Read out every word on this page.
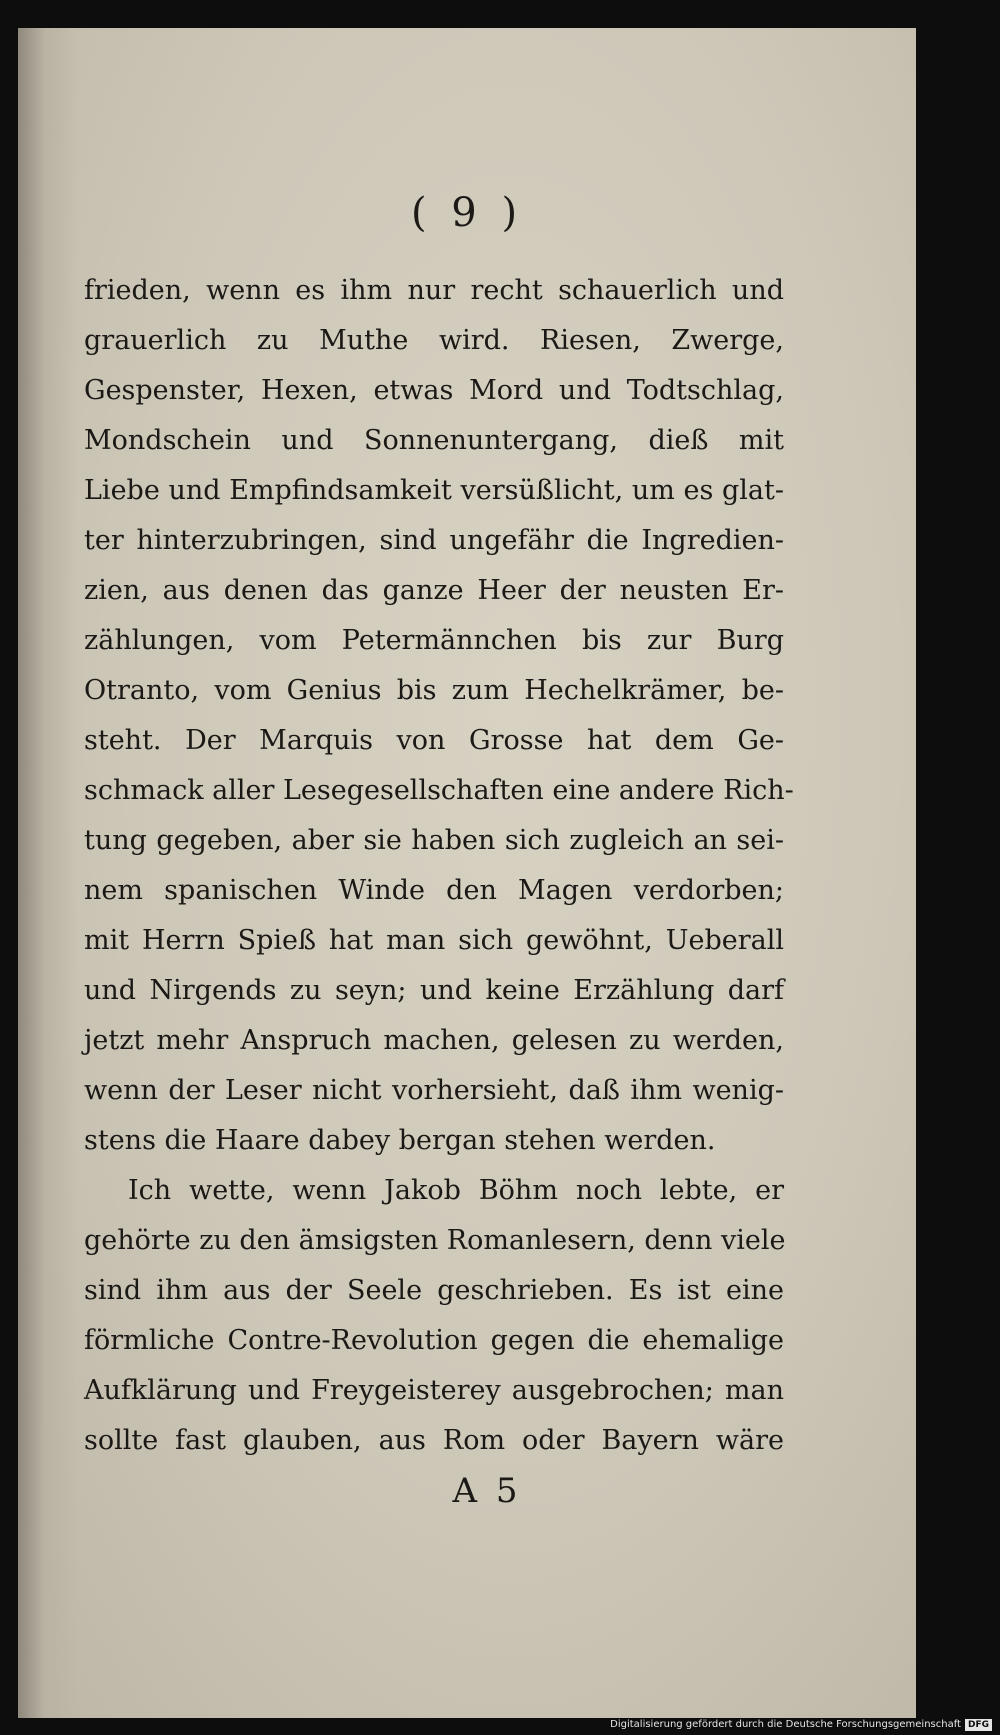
( 9 )
frieden, wenn es ihm nur recht schauerlich und
grauerlich zu Muthe wird. Riesen, Zwerge,
Gespenster, Hexen, etwas Mord und Todtschlag,
Mondschein und Sonnenuntergang, dieß mit
Liebe und Empfindsamkeit versüßlicht, um es glat-
ter hinterzubringen, sind ungefähr die Ingredien-
zien, aus denen das ganze Heer der neusten Er-
zählungen, vom Petermännchen bis zur Burg
Otranto, vom Genius bis zum Hechelkrämer, be-
steht. Der Marquis von Grosse hat dem Ge-
schmack aller Lesegesellschaften eine andere Rich-
tung gegeben, aber sie haben sich zugleich an sei-
nem spanischen Winde den Magen verdorben;
mit Herrn Spieß hat man sich gewöhnt, Ueberall
und Nirgends zu seyn; und keine Erzählung darf
jetzt mehr Anspruch machen, gelesen zu werden,
wenn der Leser nicht vorhersieht, daß ihm wenig-
stens die Haare dabey bergan stehen werden.
Ich wette, wenn Jakob Böhm noch lebte, er
gehörte zu den ämsigsten Romanlesern, denn viele
sind ihm aus der Seele geschrieben. Es ist eine
förmliche Contre-Revolution gegen die ehemalige
Aufklärung und Freygeisterey ausgebrochen; man
sollte fast glauben, aus Rom oder Bayern wäre
A 5
Digitalisierung gefördert durch die Deutsche Forschungsgemeinschaft DFG
